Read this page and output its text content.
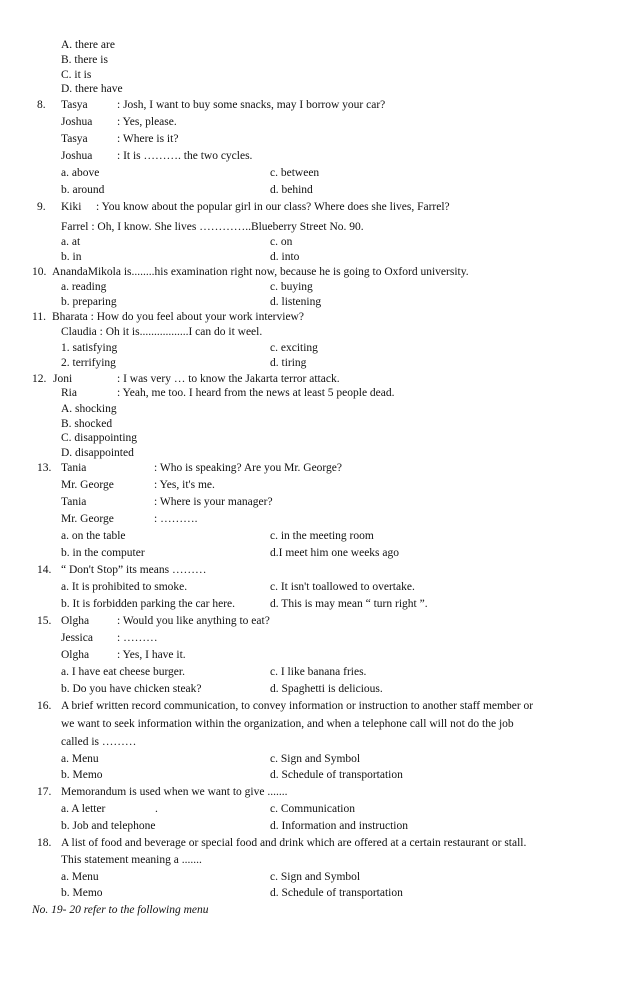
A. there are
B. there is
C. it is
D. there have
8. Tasya	: Josh, I want to buy some snacks, may I borrow your car?
Joshua : Yes, please.
Tasya	: Where is it?
Joshua : It is ………. the two cycles.
a. above	c. between
b. around	d. behind
9. Kiki : You know about the popular girl in our class? Where does she lives, Farrel?
Farrel : Oh, I know. She lives …………..Blueberry Street No. 90.
a. at	c. on
b. in	d. into
10. AnandaMikola is........his examination right now, because he is going to Oxford university.
a. reading	c. buying
b. preparing	d. listening
11. Bharata : How do you feel about your work interview?
Claudia : Oh it is.................I can do it weel.
1. satisfying	c. exciting
2. terrifying	d. tiring
12. Joni	: I was very … to know the Jakarta terror attack.
Ria	: Yeah, me too. I heard from the news at least 5 people dead.
A. shocking
B. shocked
C. disappointing
D. disappointed
13. Tania	: Who is speaking? Are you Mr. George?
Mr. George	: Yes, it's me.
Tania	: Where is your manager?
Mr. George	: ……….
a. on the table	c. in the meeting room
b. in the computer	d.I meet him one weeks ago
14. “ Don't Stop” its means ………
a. It is prohibited to smoke.	c. It isn't toallowed to overtake.
b. It is forbidden parking the car here.	d. This is may mean “ turn right ”.
15. Olgha : Would you like anything to eat?
Jessica : ………
Olgha : Yes, I have it.
a. I have eat cheese burger.	c. I like banana fries.
b. Do you have chicken steak?	d. Spaghetti is delicious.
16. A brief written record communication, to convey information or instruction to another staff member or
we want to seek information within the organization, and when a telephone call will not do the job
called is ………
a. Menu	c. Sign and Symbol
b. Memo	d. Schedule of transportation
17. Memorandum is used when we want to give .......
a. A letter	.	c. Communication
b. Job and telephone	d. Information and instruction
18. A list of food and beverage or special food and drink which are offered at a certain restaurant or stall.
This statement meaning a .......
a. Menu	c. Sign and Symbol
b. Memo	d. Schedule of transportation
No. 19- 20 refer to the following menu
